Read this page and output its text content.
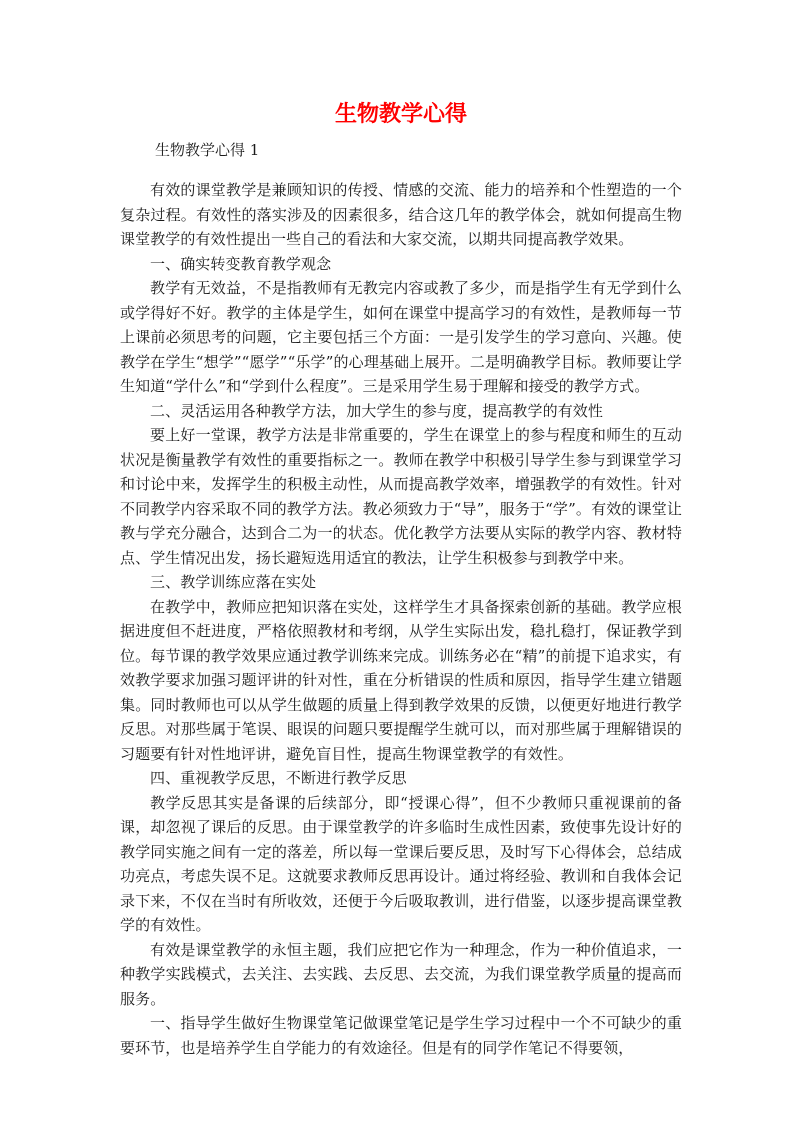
生物教学心得

生物教学心得 1

有效的课堂教学是兼顾知识的传授、情感的交流、能力的培养和个性塑造的一个复杂过程。有效性的落实涉及的因素很多，结合这几年的教学体会，就如何提高生物课堂教学的有效性提出一些自己的看法和大家交流，以期共同提高教学效果。

一、确实转变教育教学观念

教学有无效益，不是指教师有无教完内容或教了多少，而是指学生有无学到什么或学得好不好。教学的主体是学生，如何在课堂中提高学习的有效性，是教师每一节上课前必须思考的问题，它主要包括三个方面：一是引发学生的学习意向、兴趣。使教学在学生“想学”“愿学”“乐学”的心理基础上展开。二是明确教学目标。教师要让学生知道“学什么”和“学到什么程度”。三是采用学生易于理解和接受的教学方式。

二、灵活运用各种教学方法，加大学生的参与度，提高教学的有效性

要上好一堂课，教学方法是非常重要的，学生在课堂上的参与程度和师生的互动状况是衡量教学有效性的重要指标之一。教师在教学中积极引导学生参与到课堂学习和讨论中来，发挥学生的积极主动性，从而提高教学效率，增强教学的有效性。针对不同教学内容采取不同的教学方法。教必须致力于“导”，服务于“学”。有效的课堂让教与学充分融合，达到合二为一的状态。优化教学方法要从实际的教学内容、教材特点、学生情况出发，扬长避短选用适宜的教法，让学生积极参与到教学中来。

三、教学训练应落在实处

在教学中，教师应把知识落在实处，这样学生才具备探索创新的基础。教学应根据进度但不赶进度，严格依照教材和考纲，从学生实际出发，稳扎稳打，保证教学到位。每节课的教学效果应通过教学训练来完成。训练务必在“精”的前提下追求实，有效教学要求加强习题评讲的针对性，重在分析错误的性质和原因，指导学生建立错题集。同时教师也可以从学生做题的质量上得到教学效果的反馈，以便更好地进行教学反思。对那些属于笔误、眼误的问题只要提醒学生就可以，而对那些属于理解错误的习题要有针对性地评讲，避免盲目性，提高生物课堂教学的有效性。

四、重视教学反思，不断进行教学反思

教学反思其实是备课的后续部分，即“授课心得”，但不少教师只重视课前的备课，却忽视了课后的反思。由于课堂教学的许多临时生成性因素，致使事先设计好的教学同实施之间有一定的落差，所以每一堂课后要反思，及时写下心得体会，总结成功亮点，考虑失误不足。这就要求教师反思再设计。通过将经验、教训和自我体会记录下来，不仅在当时有所收效，还便于今后吸取教训，进行借鉴，以逐步提高课堂教学的有效性。

有效是课堂教学的永恒主题，我们应把它作为一种理念，作为一种价值追求，一种教学实践模式，去关注、去实践、去反思、去交流，为我们课堂教学质量的提高而服务。

一、指导学生做好生物课堂笔记做课堂笔记是学生学习过程中一个不可缺少的重要环节，也是培养学生自学能力的有效途径。但是有的同学作笔记不得要领，
